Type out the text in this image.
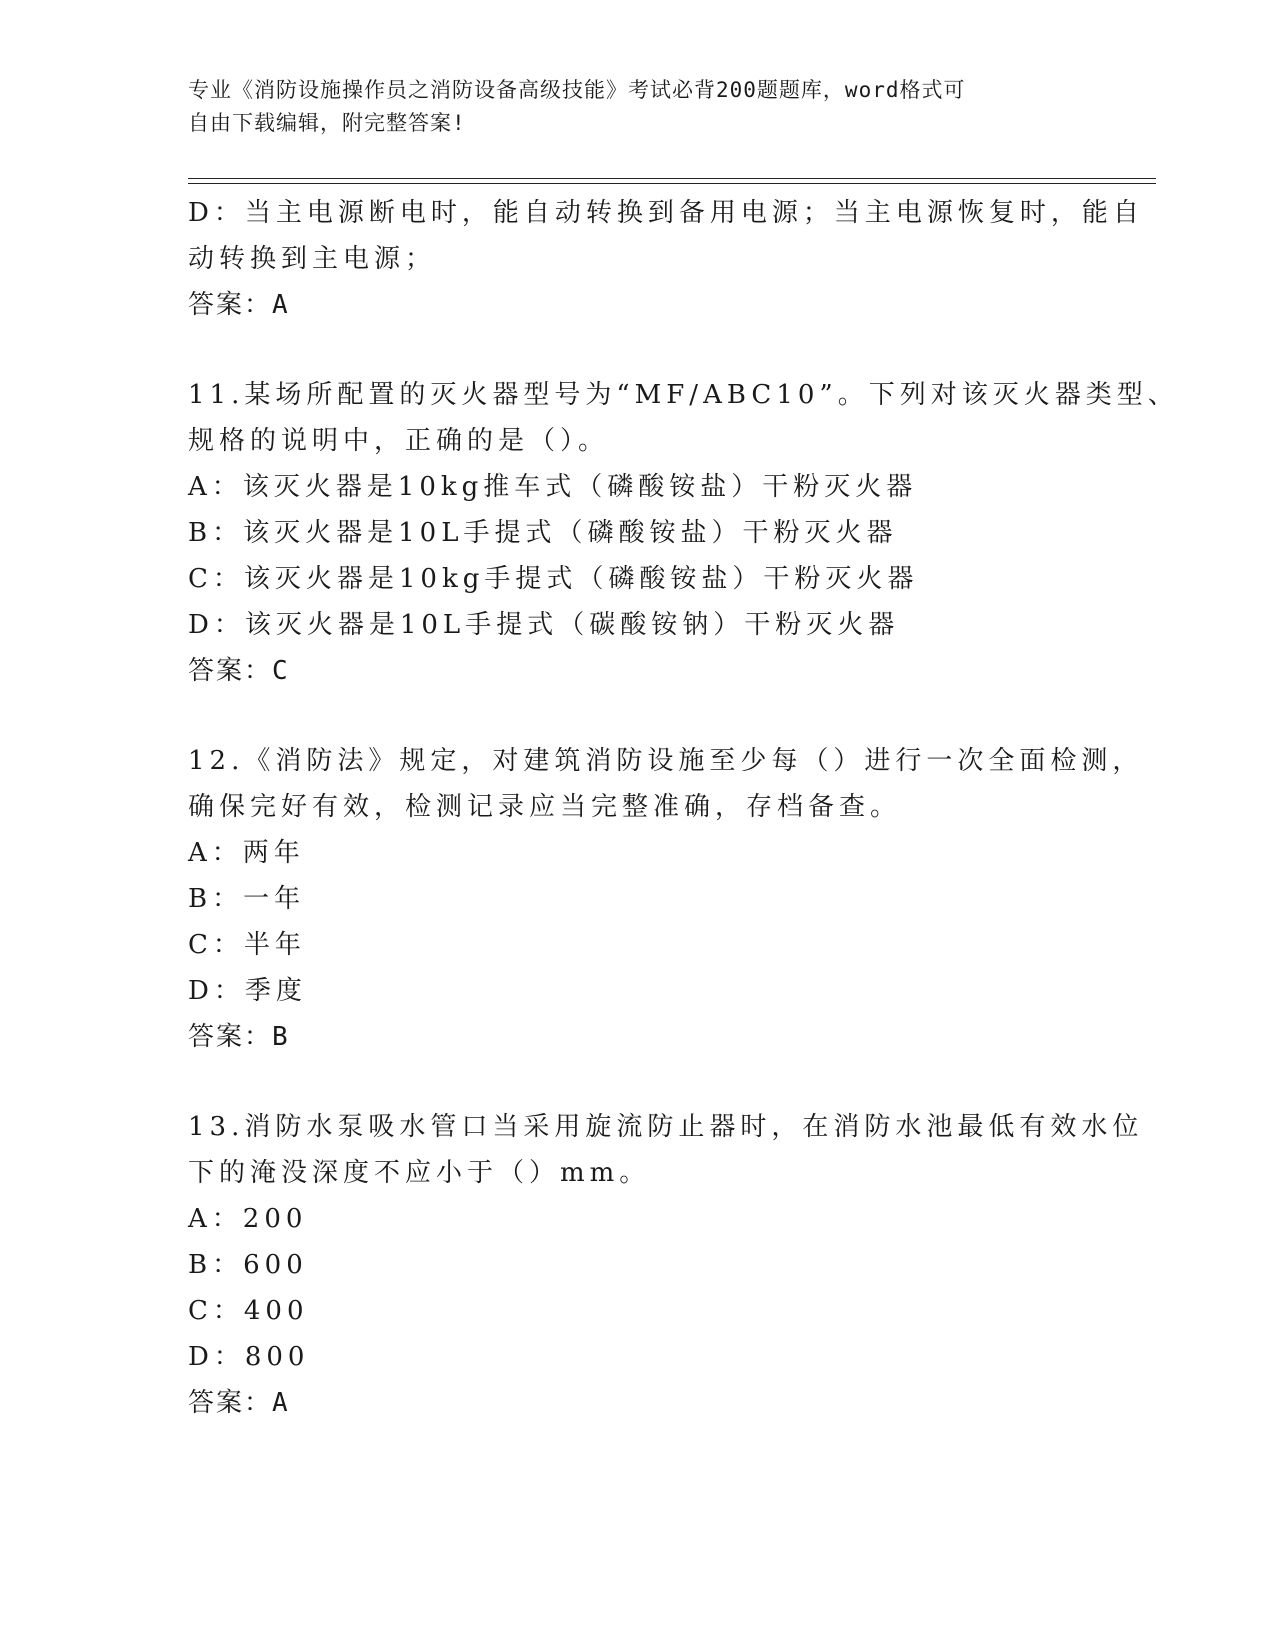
专业《消防设施操作员之消防设备高级技能》考试必背200题题库，word格式可
自由下载编辑，附完整答案!
D：当主电源断电时，能自动转换到备用电源；当主电源恢复时，能自
动转换到主电源；
答案：A
11.某场所配置的灭火器型号为“MF/ABC10”。下列对该灭火器类型、
规格的说明中，正确的是（）。
A：该灭火器是10kg推车式（磷酸铵盐）干粉灭火器
B：该灭火器是10L手提式（磷酸铵盐）干粉灭火器
C：该灭火器是10kg手提式（磷酸铵盐）干粉灭火器
D：该灭火器是10L手提式（碳酸铵钠）干粉灭火器
答案：C
12.《消防法》规定，对建筑消防设施至少每（）进行一次全面检测，
确保完好有效，检测记录应当完整准确，存档备查。
A：两年
B：一年
C：半年
D：季度
答案：B
13.消防水泵吸水管口当采用旋流防止器时，在消防水池最低有效水位
下的淹没深度不应小于（）mm。
A：200
B：600
C：400
D：800
答案：A
